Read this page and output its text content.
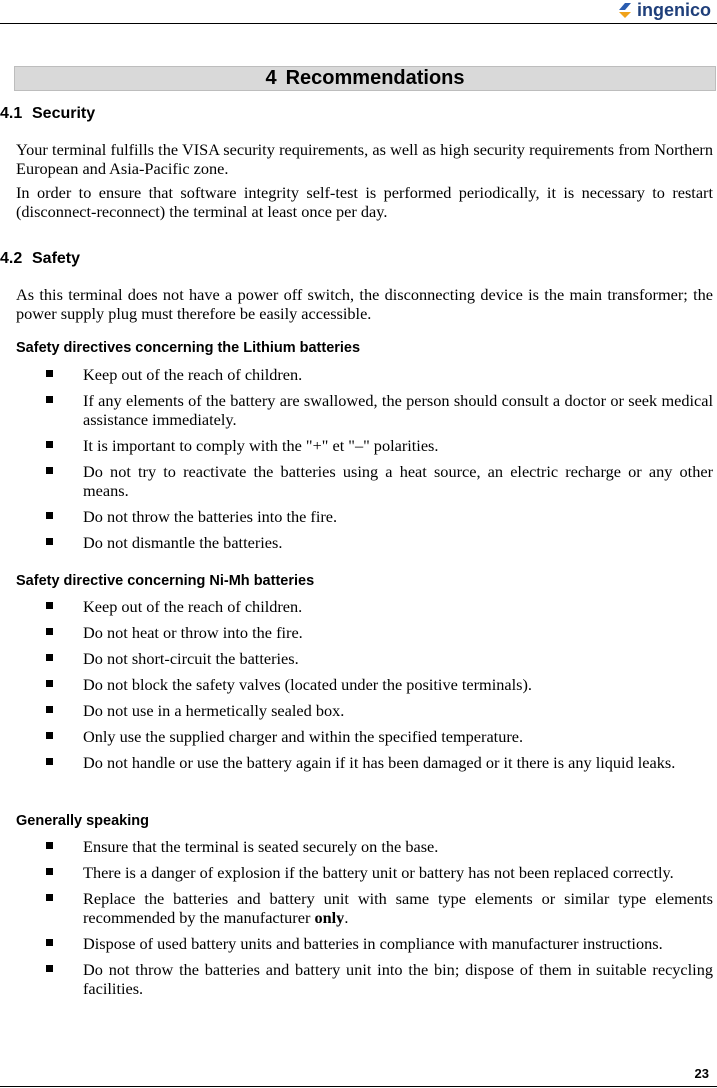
ingenico
4 Recommendations
4.1 Security
Your terminal fulfills the VISA security requirements, as well as high security requirements from Northern European and Asia-Pacific zone.
In order to ensure that software integrity self-test is performed periodically, it is necessary to restart (disconnect-reconnect) the terminal at least once per day.
4.2 Safety
As this terminal does not have a power off switch, the disconnecting device is the main transformer; the power supply plug must therefore be easily accessible.
Safety directives concerning the Lithium batteries
Keep out of the reach of children.
If any elements of the battery are swallowed, the person should consult a doctor or seek medical assistance immediately.
It is important to comply with the "+" et "–" polarities.
Do not try to reactivate the batteries using a heat source, an electric recharge or any other means.
Do not throw the batteries into the fire.
Do not dismantle the batteries.
Safety directive concerning Ni-Mh batteries
Keep out of the reach of children.
Do not heat or throw into the fire.
Do not short-circuit the batteries.
Do not block the safety valves (located under the positive terminals).
Do not use in a hermetically sealed box.
Only use the supplied charger and within the specified temperature.
Do not handle or use the battery again if it has been damaged or it there is any liquid leaks.
Generally speaking
Ensure that the terminal is seated securely on the base.
There is a danger of explosion if the battery unit or battery has not been replaced correctly.
Replace the batteries and battery unit with same type elements or similar type elements recommended by the manufacturer only.
Dispose of used battery units and batteries in compliance with manufacturer instructions.
Do not throw the batteries and battery unit into the bin; dispose of them in suitable recycling facilities.
23
